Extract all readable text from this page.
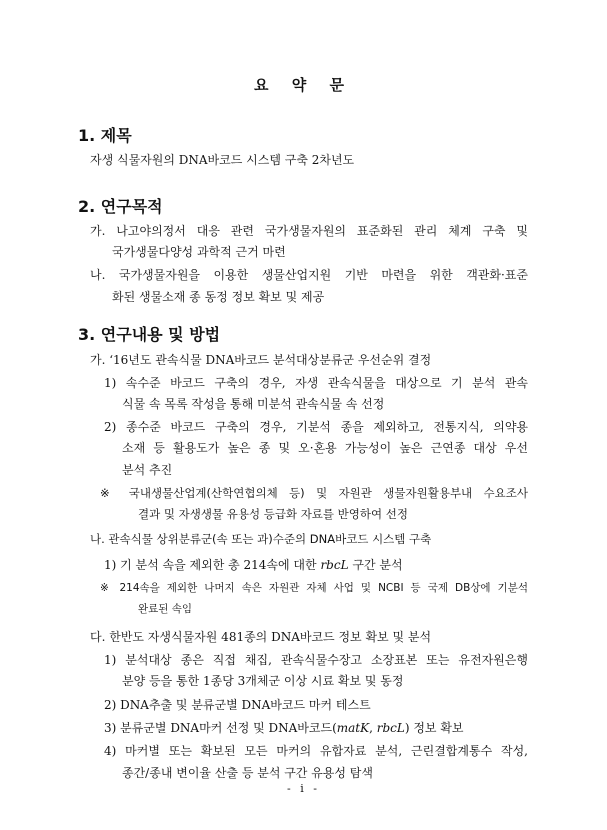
요 약 문
1. 제목
자생 식물자원의 DNA바코드 시스템 구축 2차년도
2. 연구목적
가. 나고야의정서 대응 관련 국가생물자원의 표준화된 관리 체계 구축 및
국가생물다양성 과학적 근거 마련
나. 국가생물자원을 이용한 생물산업지원 기반 마련을 위한 객관화·표준
화된 생물소재 종 동정 정보 확보 및 제공
3. 연구내용 및 방법
가. ‘16년도 관속식물 DNA바코드 분석대상분류군 우선순위 결정
1) 속수준 바코드 구축의 경우, 자생 관속식물을 대상으로 기 분석 관속
식물 속 목록 작성을 통해 미분석 관속식물 속 선정
2) 종수준 바코드 구축의 경우, 기분석 종을 제외하고, 전통지식, 의약용
소재 등 활용도가 높은 종 및 오·혼용 가능성이 높은 근연종 대상 우선
분석 추진
※ 국내생물산업계(산학연협의체 등) 및 자원관 생물자원활용부내 수요조사
결과 및 자생생물 유용성 등급화 자료를 반영하여 선정
나. 관속식물 상위분류군(속 또는 과)수준의 DNA바코드 시스템 구축
1) 기 분석 속을 제외한 총 214속에 대한 rbcL 구간 분석
※ 214속을 제외한 나머지 속은 자원관 자체 사업 및 NCBI 등 국제 DB상에 기분석
완료된 속임
다. 한반도 자생식물자원 481종의 DNA바코드 정보 확보 및 분석
1) 분석대상 종은 직접 채집, 관속식물수장고 소장표본 또는 유전자원은행
분양 등을 통한 1종당 3개체군 이상 시료 확보 및 동정
2) DNA추출 및 분류군별 DNA바코드 마커 테스트
3) 분류군별 DNA마커 선정 및 DNA바코드(matK, rbcL) 정보 확보
4) 마커별 또는 확보된 모든 마커의 유합자료 분석, 근린결합계통수 작성,
종간/종내 변이율 산출 등 분석 구간 유용성 탐색
- i -
